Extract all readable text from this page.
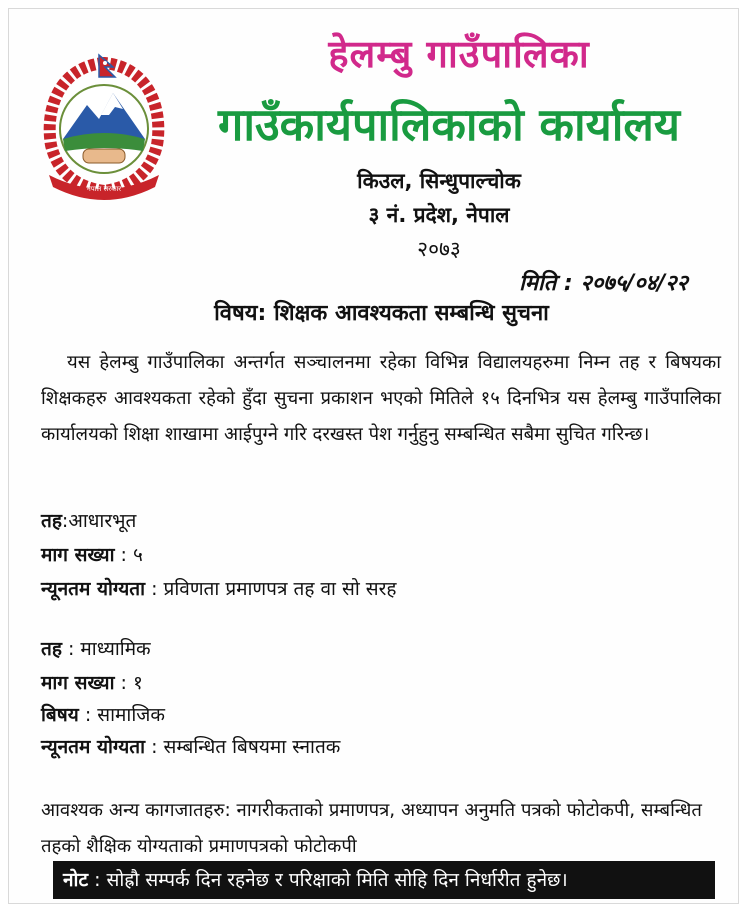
नेपाल सरकार
हेलम्बु गाउँपालिका
गाउँकार्यपालिकाको कार्यालय
किउल, सिन्धुपाल्चोक
३ नं. प्रदेश, नेपाल
२०७३
मिति : २०७५/०४/२२
विषय: शिक्षक आवश्यकता सम्बन्धि सुचना
यस हेलम्बु गाउँपालिका अन्तर्गत सञ्चालनमा रहेका विभिन्न विद्यालयहरुमा निम्न तह र बिषयका शिक्षकहरु आवश्यकता रहेको हुँदा सुचना प्रकाशन भएको मितिले १५ दिनभित्र यस हेलम्बु गाउँपालिका कार्यालयको शिक्षा शाखामा आईपुग्ने गरि दरखस्त पेश गर्नुहुनु सम्बन्धित सबैमा सुचित गरिन्छ।
तह:आधारभूत
माग सख्या : ५
न्यूनतम योग्यता : प्रविणता प्रमाणपत्र तह वा सो सरह
तह : माध्यामिक
माग सख्या : १
बिषय : सामाजिक
न्यूनतम योग्यता : सम्बन्धित बिषयमा स्नातक
आवश्यक अन्य कागजातहरु: नागरीकताको प्रमाणपत्र, अध्यापन अनुमति पत्रको फोटोकपी, सम्बन्धित तहको शैक्षिक योग्यताको प्रमाणपत्रको फोटोकपी
नोट : सोह्रौ सम्पर्क दिन रहनेछ र परिक्षाको मिति सोहि दिन निर्धारीत हुनेछ।
